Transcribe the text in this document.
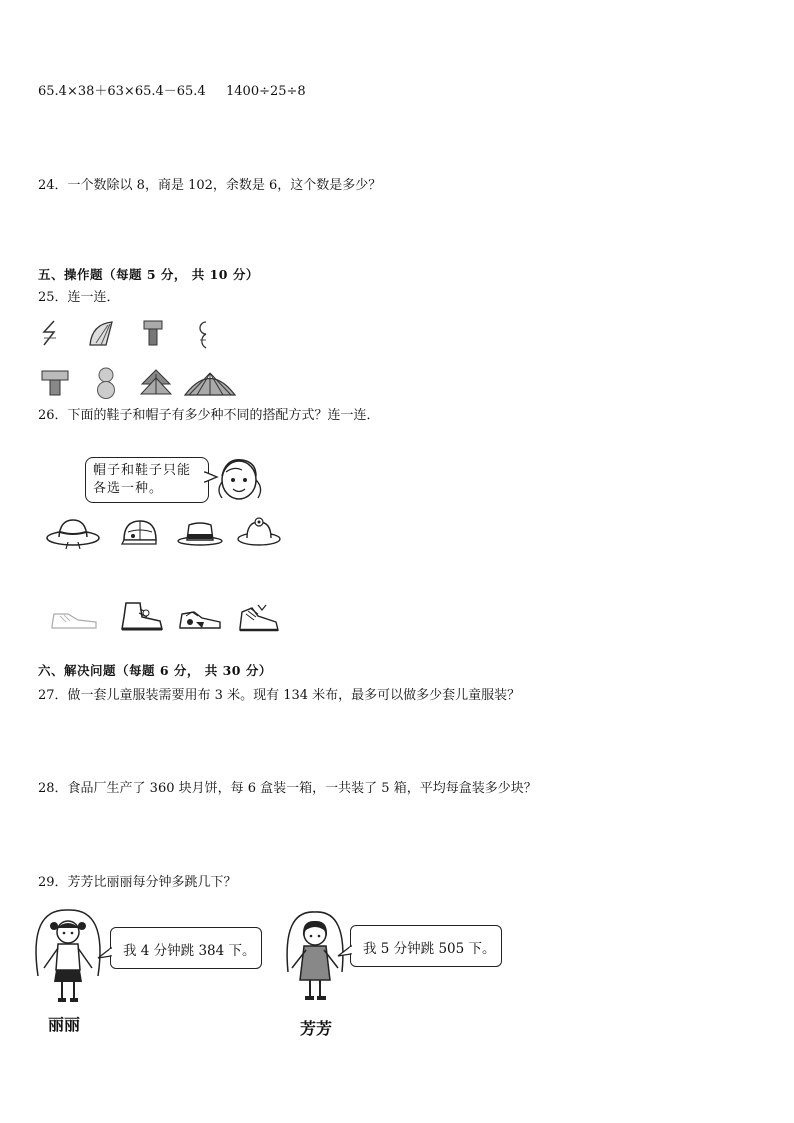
65.4×38＋63×65.4－65.4 1400÷25÷8
24．一个数除以 8，商是 102，余数是 6，这个数是多少？
五、操作题（每题 5 分， 共 10 分）
25．连一连．
26．下面的鞋子和帽子有多少种不同的搭配方式？连一连．
帽子和鞋子只能
各选一种。
六、解决问题（每题 6 分， 共 30 分）
27．做一套儿童服装需要用布 3 米。现有 134 米布，最多可以做多少套儿童服装？
28．食品厂生产了 360 块月饼，每 6 盒装一箱，一共装了 5 箱，平均每盒装多少块？
29．芳芳比丽丽每分钟多跳几下？
丽丽
我 4 分钟跳 384 下。
芳芳
我 5 分钟跳 505 下。
